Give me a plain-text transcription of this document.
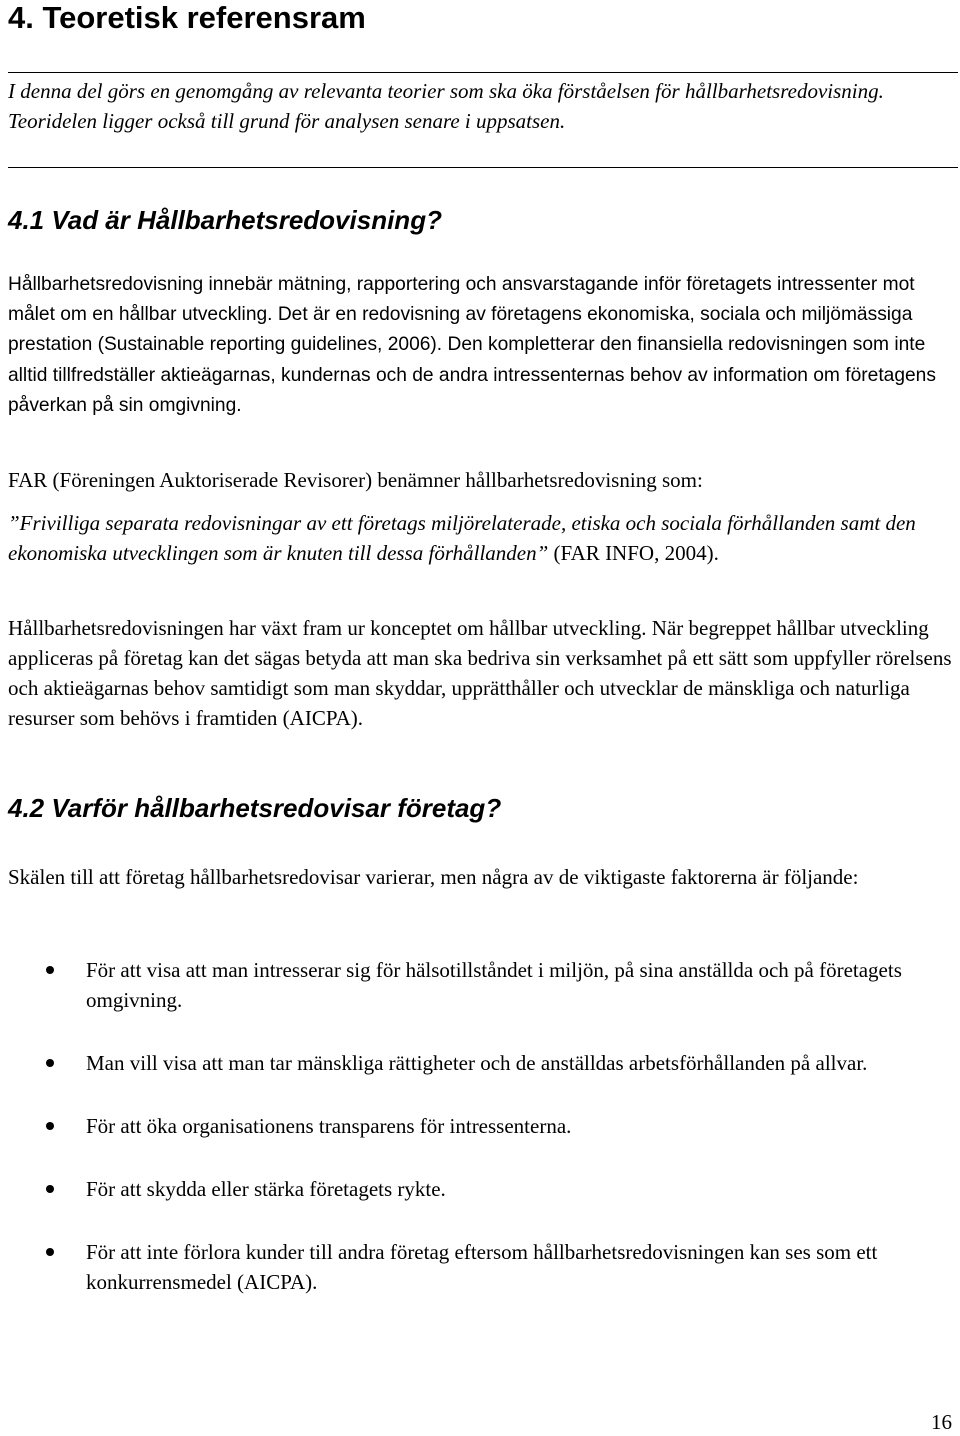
4. Teoretisk referensram

I denna del görs en genomgång av relevanta teorier som ska öka förståelsen för hållbarhetsredovisning. Teoridelen ligger också till grund för analysen senare i uppsatsen.

4.1 Vad är Hållbarhetsredovisning?

Hållbarhetsredovisning innebär mätning, rapportering och ansvarstagande inför företagets intressenter mot målet om en hållbar utveckling. Det är en redovisning av företagens ekonomiska, sociala och miljömässiga prestation (Sustainable reporting guidelines, 2006). Den kompletterar den finansiella redovisningen som inte alltid tillfredställer aktieägarnas, kundernas och de andra intressenternas behov av information om företagens påverkan på sin omgivning.

FAR (Föreningen Auktoriserade Revisorer) benämner hållbarhetsredovisning som:

”Frivilliga separata redovisningar av ett företags miljörelaterade, etiska och sociala förhållanden samt den ekonomiska utvecklingen som är knuten till dessa förhållanden” (FAR INFO, 2004).

Hållbarhetsredovisningen har växt fram ur konceptet om hållbar utveckling. När begreppet hållbar utveckling appliceras på företag kan det sägas betyda att man ska bedriva sin verksamhet på ett sätt som uppfyller rörelsens och aktieägarnas behov samtidigt som man skyddar, upprätthåller och utvecklar de mänskliga och naturliga resurser som behövs i framtiden (AICPA).

4.2 Varför hållbarhetsredovisar företag?

Skälen till att företag hållbarhetsredovisar varierar, men några av de viktigaste faktorerna är följande:

För att visa att man intresserar sig för hälsotillståndet i miljön, på sina anställda och på företagets omgivning.
Man vill visa att man tar mänskliga rättigheter och de anställdas arbetsförhållanden på allvar.
För att öka organisationens transparens för intressenterna.
För att skydda eller stärka företagets rykte.
För att inte förlora kunder till andra företag eftersom hållbarhetsredovisningen kan ses som ett konkurrensmedel (AICPA).
16
